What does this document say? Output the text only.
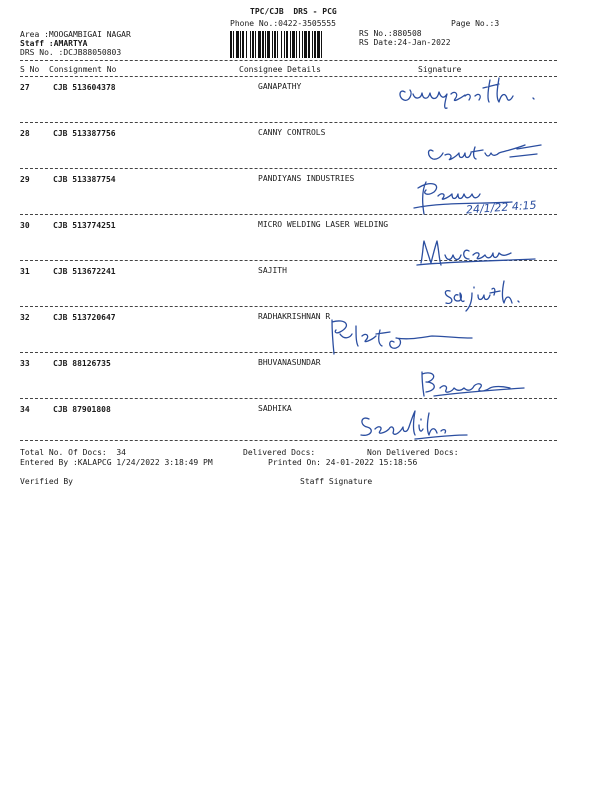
TPC/CJB  DRS - PCG
Phone No.:0422-3505555	Page No.:3
Area :MOOGAMBIGAI NAGAR
Staff :AMARTYA
DRS No. :DCJB88050803
RS No.:880508
RS Date:24-Jan-2022
S No Consignment No	Consignee Details	Signature
27	CJB 513604378	GANAPATHY
28	CJB 513387756	CANNY CONTROLS
29	CJB 513387754	PANDIYANS INDUSTRIES
30	CJB 513774251	MICRO WELDING LASER WELDING
31	CJB 513672241	SAJITH
32	CJB 513720647	RADHAKRISHNAN R
33	CJB 88126735	BHUVANASUNDAR
34	CJB 87901808	SADHIKA
24/1/22 4:15
Total No. Of Docs:  34	Delivered Docs:	Non Delivered Docs:
Entered By :KALAPCG 1/24/2022 3:18:49 PM	Printed On: 24-01-2022 15:18:56
Verified By	Staff Signature
